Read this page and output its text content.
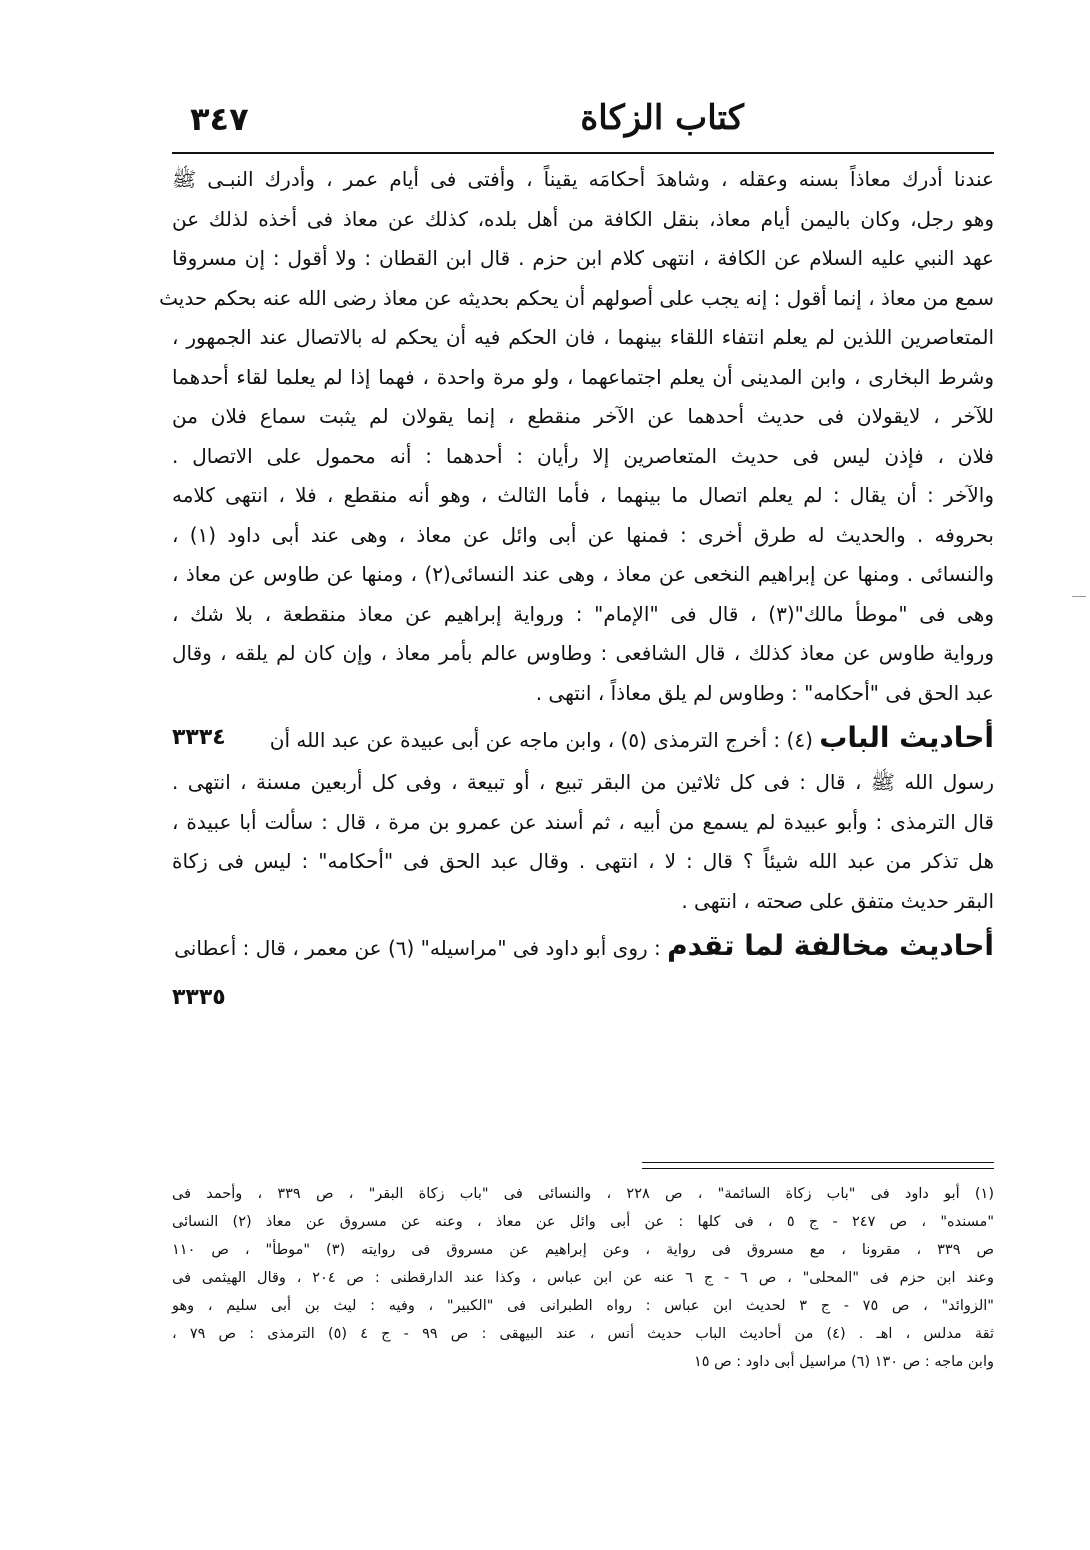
كتاب الزكاة
٣٤٧
عندنا أدرك معاذاً بسنه وعقله ، وشاهدَ أحكامَه يقيناً ، وأفتى فى أيام عمر ، وأدرك النبـى ﷺ
وهو رجل، وكان باليمن أيام معاذ، بنقل الكافة من أهل بلده، كذلك عن معاذ فى أخذه لذلك عن
عهد النبي عليه السلام عن الكافة ، انتهى كلام ابن حزم . قال ابن القطان : ولا أقول : إن مسروقا
سمع من معاذ ، إنما أقول : إنه يجب على أصولهم أن يحكم بحديثه عن معاذ رضى الله عنه بحكم حديث
المتعاصرين اللذين لم يعلم انتفاء اللقاء بينهما ، فان الحكم فيه أن يحكم له بالاتصال عند الجمهور ،
وشرط البخارى ، وابن المدينى أن يعلم اجتماعهما ، ولو مرة واحدة ، فهما إذا لم يعلما لقاء أحدهما
للآخر ، لايقولان فى حديث أحدهما عن الآخر منقطع ، إنما يقولان لم يثبت سماع فلان من
فلان ، فإذن ليس فى حديث المتعاصرين إلا رأيان : أحدهما : أنه محمول على الاتصال .
والآخر : أن يقال : لم يعلم اتصال ما بينهما ، فأما الثالث ، وهو أنه منقطع ، فلا ، انتهى كلامه
بحروفه . والحديث له طرق أخرى : فمنها عن أبى وائل عن معاذ ، وهى عند أبى داود (١) ،
والنسائى . ومنها عن إبراهيم النخعى عن معاذ ، وهى عند النسائى(٢) ، ومنها عن طاوس عن معاذ ،
وهى فى "موطأ مالك"(٣) ، قال فى "الإمام" : ورواية إبراهيم عن معاذ منقطعة ، بلا شك ،
ورواية طاوس عن معاذ كذلك ، قال الشافعى : وطاوس عالم بأمر معاذ ، وإن كان لم يلقه ، وقال
عبد الحق فى "أحكامه" : وطاوس لم يلق معاذاً ، انتهى .
أحاديث الباب (٤) : أخرج الترمذى (٥) ، وابن ماجه عن أبى عبيدة عن عبد الله أن
٣٣٣٤
رسول الله ﷺ ، قال : فى كل ثلاثين من البقر تبيع ، أو تبيعة ، وفى كل أربعين مسنة ، انتهى .
قال الترمذى : وأبو عبيدة لم يسمع من أبيه ، ثم أسند عن عمرو بن مرة ، قال : سألت أبا عبيدة ،
هل تذكر من عبد الله شيئاً ؟ قال : لا ، انتهى . وقال عبد الحق فى "أحكامه" : ليس فى زكاة
البقر حديث متفق على صحته ، انتهى .
أحاديث مخالفة لما تقدم : روى أبو داود فى "مراسيله" (٦) عن معمر ، قال : أعطانى
٣٣٣٥
(١) أبو داود فى "باب زكاة السائمة" ، ص ٢٢٨ ، والنسائى فى "باب زكاة البقر" ، ص ٣٣٩ ، وأحمد فى
"مسنده" ، ص ٢٤٧ - ج ٥ ، فى كلها : عن أبى وائل عن معاذ ، وعنه عن مسروق عن معاذ (٢) النسائى
ص ٣٣٩ ، مقرونا ، مع مسروق فى رواية ، وعن إبراهيم عن مسروق فى روايته (٣) "موطأ" ، ص ١١٠
وعند ابن حزم فى "المحلى" ، ص ٦ - ج ٦ عنه عن ابن عباس ، وكذا عند الدارقطنى : ص ٢٠٤ ، وقال الهيثمى فى
"الزوائد" ، ص ٧٥ - ج ٣ لحديث ابن عباس : رواه الطبرانى فى "الكبير" ، وفيه : ليث بن أبى سليم ، وهو
ثقة مدلس ، اهـ . (٤) من أحاديث الباب حديث أنس ، عند البيهقى : ص ٩٩ - ج ٤ (٥) الترمذى : ص ٧٩ ،
وابن ماجه : ص ١٣٠ (٦) مراسيل أبى داود : ص ١٥
